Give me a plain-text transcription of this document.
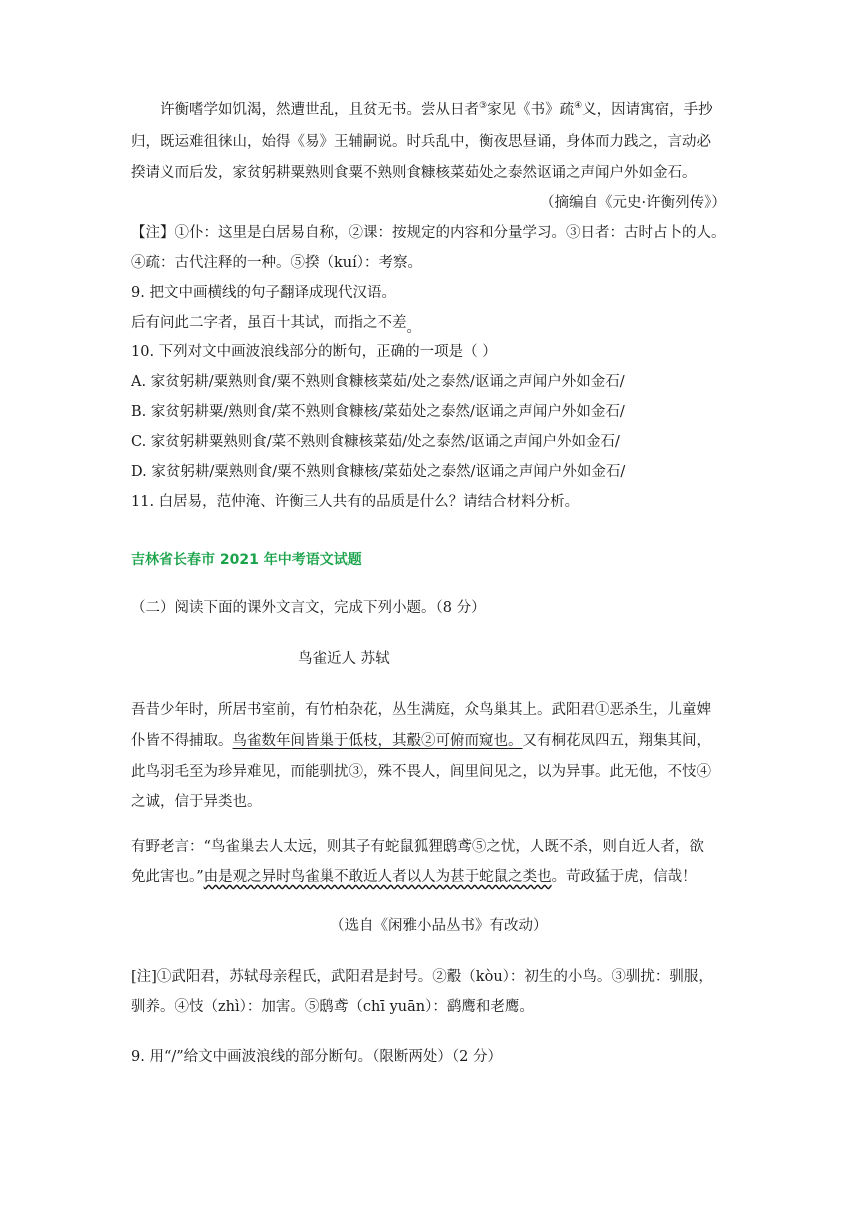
许衡嗜学如饥渴，然遭世乱，且贫无书。尝从日者③家见《书》疏④义，因请寓宿，手抄
归，既运难徂徕山，始得《易》王辅嗣说。时兵乱中，衡夜思昼诵，身体而力践之，言动必
揆请义而后发，家贫躬耕粟熟则食粟不熟则食糠核菜茹处之泰然讴诵之声闻户外如金石。
（摘编自《元史·许衡列传》）
【注】①仆：这里是白居易自称，②课：按规定的内容和分量学习。③日者：古时占卜的人。
④疏：古代注释的一种。⑤揆（kuí）：考察。
9. 把文中画横线的句子翻译成现代汉语。
后有问此二字者，虽百十其试，而指之不差。
10. 下列对文中画波浪线部分的断句，正确的一项是（ ）
A. 家贫躬耕/粟熟则食/粟不熟则食糠核菜茹/处之泰然/讴诵之声闻户外如金石/
B. 家贫躬耕粟/熟则食/菜不熟则食糠核/菜茹处之泰然/讴诵之声闻户外如金石/
C. 家贫躬耕粟熟则食/菜不熟则食糠核菜茹/处之泰然/讴诵之声闻户外如金石/
D. 家贫躬耕/粟熟则食/粟不熟则食糠核/菜茹处之泰然/讴诵之声闻户外如金石/
11. 白居易，范仲淹、许衡三人共有的品质是什么？请结合材料分析。
吉林省长春市 2021 年中考语文试题
（二）阅读下面的课外文言文，完成下列小题。（8 分）
鸟雀近人 苏轼
吾昔少年时，所居书室前，有竹柏杂花，丛生满庭，众鸟巢其上。武阳君①恶杀生，儿童婢
仆皆不得捕取。鸟雀数年间皆巢于低枝，其鷇②可俯而窥也。又有桐花凤四五，翔集其间，
此鸟羽毛至为珍异难见，而能驯扰③，殊不畏人，闾里间见之，以为异事。此无他，不忮④
之诚，信于异类也。
有野老言：“鸟雀巢去人太远，则其子有蛇鼠狐狸鸱鸢⑤之忧，人既不杀，则自近人者，欲
免此害也。”由是观之异时鸟雀巢不敢近人者以人为甚于蛇鼠之类也。苛政猛于虎，信哉！
（选自《闲雅小品丛书》有改动）
[注]①武阳君，苏轼母亲程氏，武阳君是封号。②鷇（kòu）：初生的小鸟。③驯扰：驯服，
驯养。④忮（zhì）：加害。⑤鸱鸢（chī yuān）：鹞鹰和老鹰。
9. 用“/”给文中画波浪线的部分断句。（限断两处）（2 分）
